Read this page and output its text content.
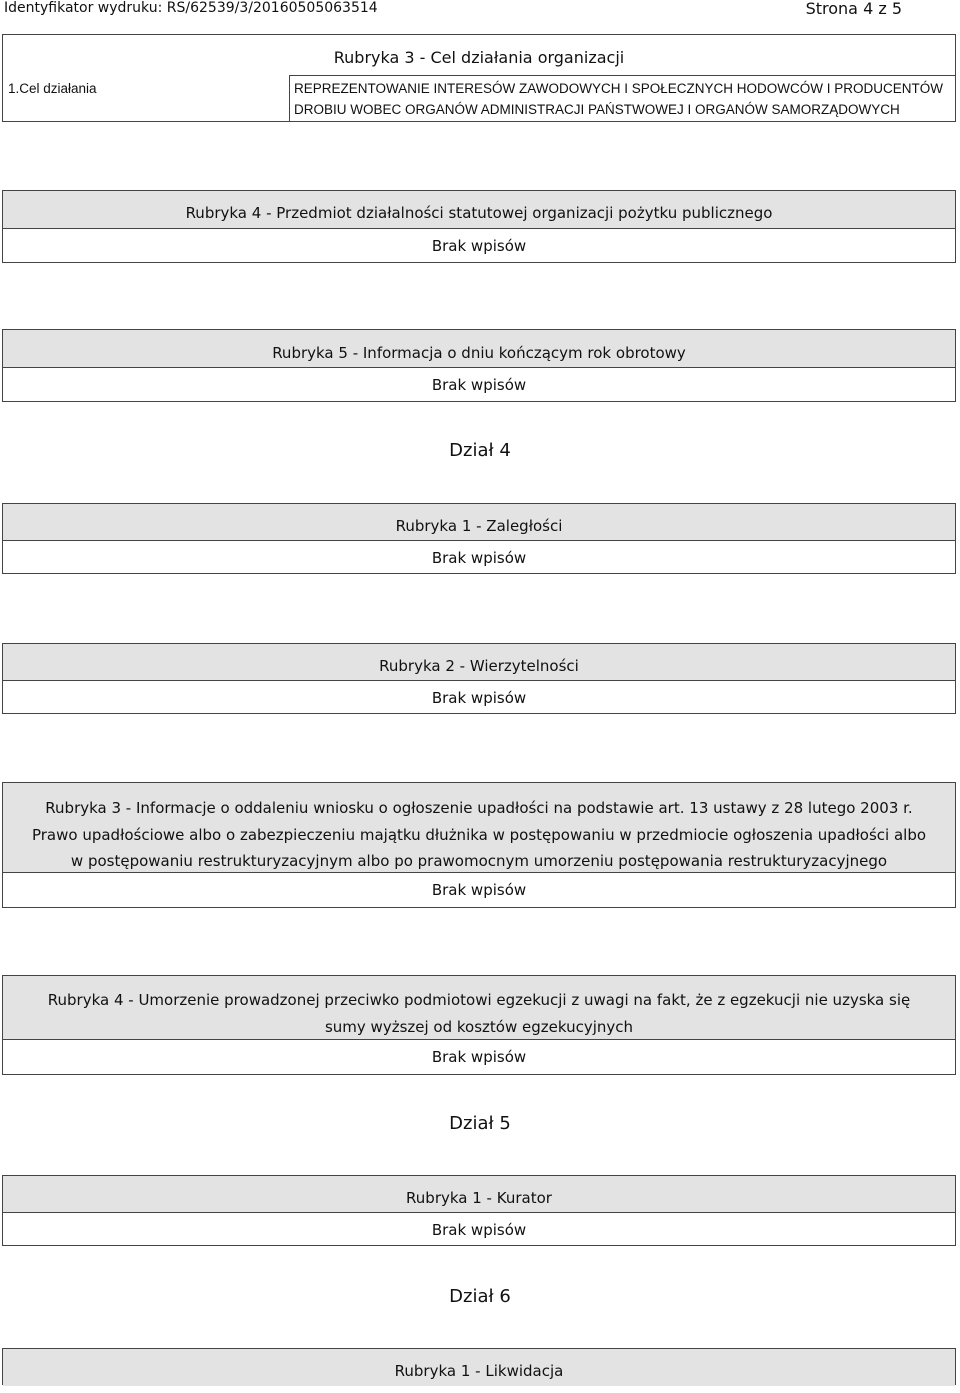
Identyfikator wydruku: RS/62539/3/20160505063514	Strona 4 z 5
Rubryka 3 - Cel działania organizacji
1.Cel działania	REPREZENTOWANIE INTERESÓW ZAWODOWYCH I SPOŁECZNYCH HODOWCÓW I PRODUCENTÓW
DROBIU WOBEC ORGANÓW ADMINISTRACJI PAŃSTWOWEJ I ORGANÓW SAMORZĄDOWYCH
Rubryka 4 - Przedmiot działalności statutowej organizacji pożytku publicznego
Brak wpisów
Rubryka 5 - Informacja o dniu kończącym rok obrotowy
Brak wpisów
Dział 4
Rubryka 1 - Zaległości
Brak wpisów
Rubryka 2 - Wierzytelności
Brak wpisów
Rubryka 3 - Informacje o oddaleniu wniosku o ogłoszenie upadłości na podstawie art. 13 ustawy z 28 lutego 2003 r.
Prawo upadłościowe albo o zabezpieczeniu majątku dłużnika w postępowaniu w przedmiocie ogłoszenia upadłości albo
w postępowaniu restrukturyzacyjnym albo po prawomocnym umorzeniu postępowania restrukturyzacyjnego
Brak wpisów
Rubryka 4 - Umorzenie prowadzonej przeciwko podmiotowi egzekucji z uwagi na fakt, że z egzekucji nie uzyska się
sumy wyższej od kosztów egzekucyjnych
Brak wpisów
Dział 5
Rubryka 1 - Kurator
Brak wpisów
Dział 6
Rubryka 1 - Likwidacja
